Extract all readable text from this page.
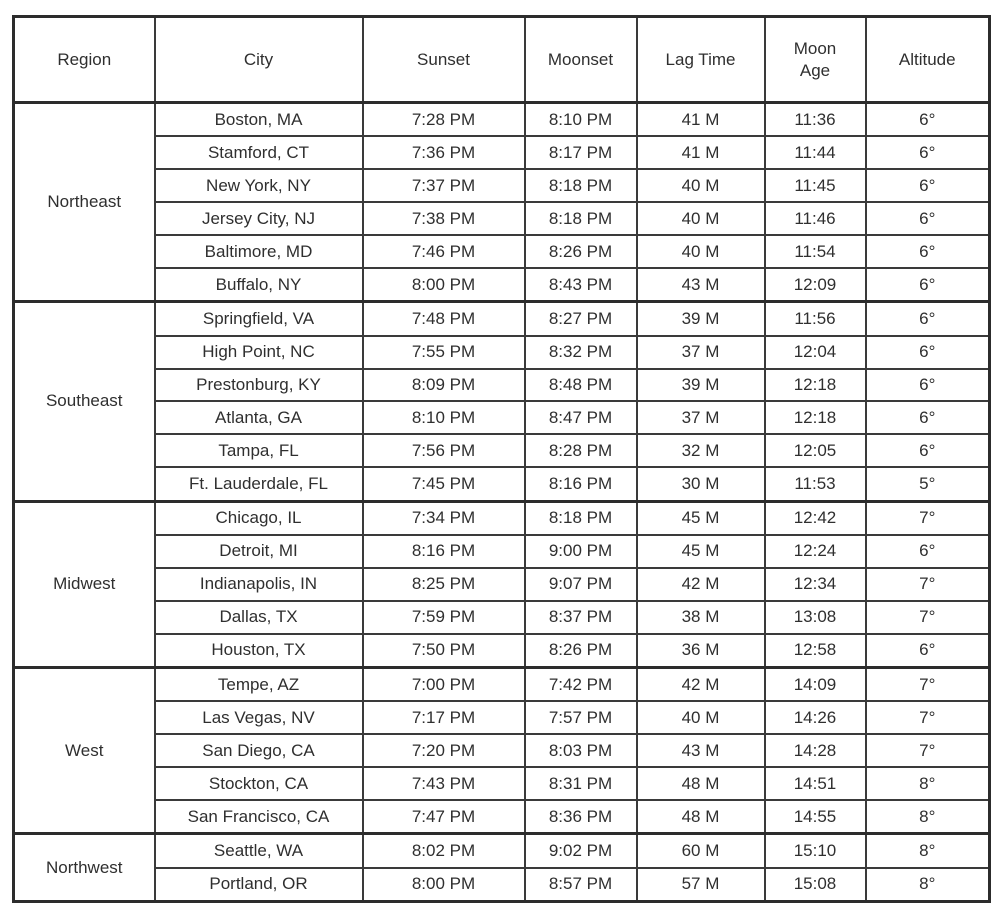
Region	City	Sunset	Moonset	Lag Time	Moon Age	Altitude
Northeast	Boston, MA	7:28 PM	8:10 PM	41 M	11:36	6°
	Stamford, CT	7:36 PM	8:17 PM	41 M	11:44	6°
	New York, NY	7:37 PM	8:18 PM	40 M	11:45	6°
	Jersey City, NJ	7:38 PM	8:18 PM	40 M	11:46	6°
	Baltimore, MD	7:46 PM	8:26 PM	40 M	11:54	6°
	Buffalo, NY	8:00 PM	8:43 PM	43 M	12:09	6°
Southeast	Springfield, VA	7:48 PM	8:27 PM	39 M	11:56	6°
	High Point, NC	7:55 PM	8:32 PM	37 M	12:04	6°
	Prestonburg, KY	8:09 PM	8:48 PM	39 M	12:18	6°
	Atlanta, GA	8:10 PM	8:47 PM	37 M	12:18	6°
	Tampa, FL	7:56 PM	8:28 PM	32 M	12:05	6°
	Ft. Lauderdale, FL	7:45 PM	8:16 PM	30 M	11:53	5°
Midwest	Chicago, IL	7:34 PM	8:18 PM	45 M	12:42	7°
	Detroit, MI	8:16 PM	9:00 PM	45 M	12:24	6°
	Indianapolis, IN	8:25 PM	9:07 PM	42 M	12:34	7°
	Dallas, TX	7:59 PM	8:37 PM	38 M	13:08	7°
	Houston, TX	7:50 PM	8:26 PM	36 M	12:58	6°
West	Tempe, AZ	7:00 PM	7:42 PM	42 M	14:09	7°
	Las Vegas, NV	7:17 PM	7:57 PM	40 M	14:26	7°
	San Diego, CA	7:20 PM	8:03 PM	43 M	14:28	7°
	Stockton, CA	7:43 PM	8:31 PM	48 M	14:51	8°
	San Francisco, CA	7:47 PM	8:36 PM	48 M	14:55	8°
Northwest	Seattle, WA	8:02 PM	9:02 PM	60 M	15:10	8°
	Portland, OR	8:00 PM	8:57 PM	57 M	15:08	8°
